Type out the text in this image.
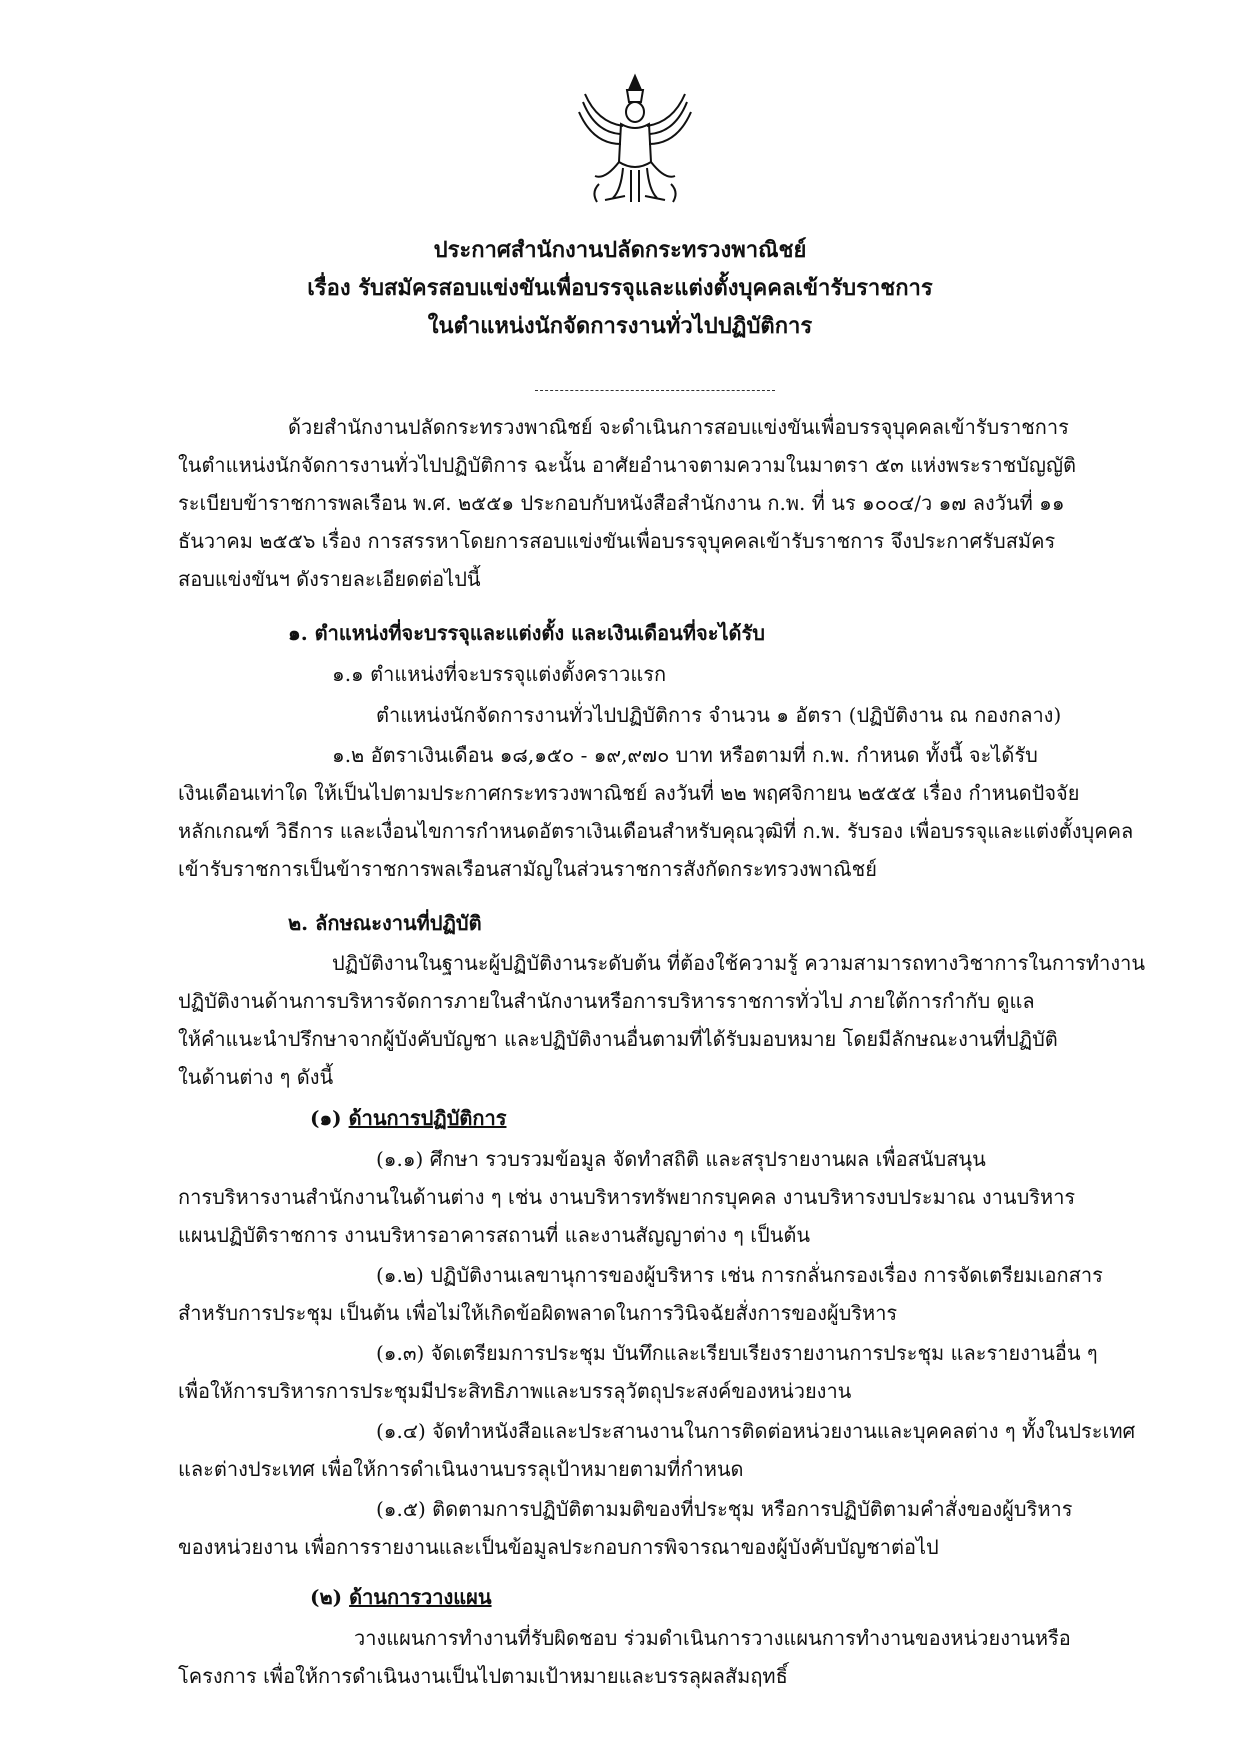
ประกาศสำนักงานปลัดกระทรวงพาณิชย์
เรื่อง รับสมัครสอบแข่งขันเพื่อบรรจุและแต่งตั้งบุคคลเข้ารับราชการ
ในตำแหน่งนักจัดการงานทั่วไปปฏิบัติการ
ด้วยสำนักงานปลัดกระทรวงพาณิชย์ จะดำเนินการสอบแข่งขันเพื่อบรรจุบุคคลเข้ารับราชการ
ในตำแหน่งนักจัดการงานทั่วไปปฏิบัติการ ฉะนั้น อาศัยอำนาจตามความในมาตรา ๕๓ แห่งพระราชบัญญัติ
ระเบียบข้าราชการพลเรือน พ.ศ. ๒๕๕๑ ประกอบกับหนังสือสำนักงาน ก.พ. ที่ นร ๑๐๐๔/ว ๑๗ ลงวันที่ ๑๑
ธันวาคม ๒๕๕๖ เรื่อง การสรรหาโดยการสอบแข่งขันเพื่อบรรจุบุคคลเข้ารับราชการ จึงประกาศรับสมัคร
สอบแข่งขันฯ ดังรายละเอียดต่อไปนี้
๑. ตำแหน่งที่จะบรรจุและแต่งตั้ง และเงินเดือนที่จะได้รับ
๑.๑ ตำแหน่งที่จะบรรจุแต่งตั้งคราวแรก
ตำแหน่งนักจัดการงานทั่วไปปฏิบัติการ จำนวน ๑ อัตรา (ปฏิบัติงาน ณ กองกลาง)
๑.๒ อัตราเงินเดือน ๑๘,๑๕๐ - ๑๙,๙๗๐ บาท หรือตามที่ ก.พ. กำหนด ทั้งนี้ จะได้รับ
เงินเดือนเท่าใด ให้เป็นไปตามประกาศกระทรวงพาณิชย์ ลงวันที่ ๒๒ พฤศจิกายน ๒๕๕๕ เรื่อง กำหนดปัจจัย
หลักเกณฑ์ วิธีการ และเงื่อนไขการกำหนดอัตราเงินเดือนสำหรับคุณวุฒิที่ ก.พ. รับรอง เพื่อบรรจุและแต่งตั้งบุคคล
เข้ารับราชการเป็นข้าราชการพลเรือนสามัญในส่วนราชการสังกัดกระทรวงพาณิชย์
๒. ลักษณะงานที่ปฏิบัติ
ปฏิบัติงานในฐานะผู้ปฏิบัติงานระดับต้น ที่ต้องใช้ความรู้ ความสามารถทางวิชาการในการทำงาน
ปฏิบัติงานด้านการบริหารจัดการภายในสำนักงานหรือการบริหารราชการทั่วไป ภายใต้การกำกับ ดูแล
ให้คำแนะนำปรึกษาจากผู้บังคับบัญชา และปฏิบัติงานอื่นตามที่ได้รับมอบหมาย โดยมีลักษณะงานที่ปฏิบัติ
ในด้านต่าง ๆ ดังนี้
(๑) ด้านการปฏิบัติการ
(๑.๑) ศึกษา รวบรวมข้อมูล จัดทำสถิติ และสรุปรายงานผล เพื่อสนับสนุน
การบริหารงานสำนักงานในด้านต่าง ๆ เช่น งานบริหารทรัพยากรบุคคล งานบริหารงบประมาณ งานบริหาร
แผนปฏิบัติราชการ งานบริหารอาคารสถานที่ และงานสัญญาต่าง ๆ เป็นต้น
(๑.๒) ปฏิบัติงานเลขานุการของผู้บริหาร เช่น การกลั่นกรองเรื่อง การจัดเตรียมเอกสาร
สำหรับการประชุม เป็นต้น เพื่อไม่ให้เกิดข้อผิดพลาดในการวินิจฉัยสั่งการของผู้บริหาร
(๑.๓) จัดเตรียมการประชุม บันทึกและเรียบเรียงรายงานการประชุม และรายงานอื่น ๆ
เพื่อให้การบริหารการประชุมมีประสิทธิภาพและบรรลุวัตถุประสงค์ของหน่วยงาน
(๑.๔) จัดทำหนังสือและประสานงานในการติดต่อหน่วยงานและบุคคลต่าง ๆ ทั้งในประเทศ
และต่างประเทศ เพื่อให้การดำเนินงานบรรลุเป้าหมายตามที่กำหนด
(๑.๕) ติดตามการปฏิบัติตามมติของที่ประชุม หรือการปฏิบัติตามคำสั่งของผู้บริหาร
ของหน่วยงาน เพื่อการรายงานและเป็นข้อมูลประกอบการพิจารณาของผู้บังคับบัญชาต่อไป
(๒) ด้านการวางแผน
วางแผนการทำงานที่รับผิดชอบ ร่วมดำเนินการวางแผนการทำงานของหน่วยงานหรือ
โครงการ เพื่อให้การดำเนินงานเป็นไปตามเป้าหมายและบรรลุผลสัมฤทธิ์
